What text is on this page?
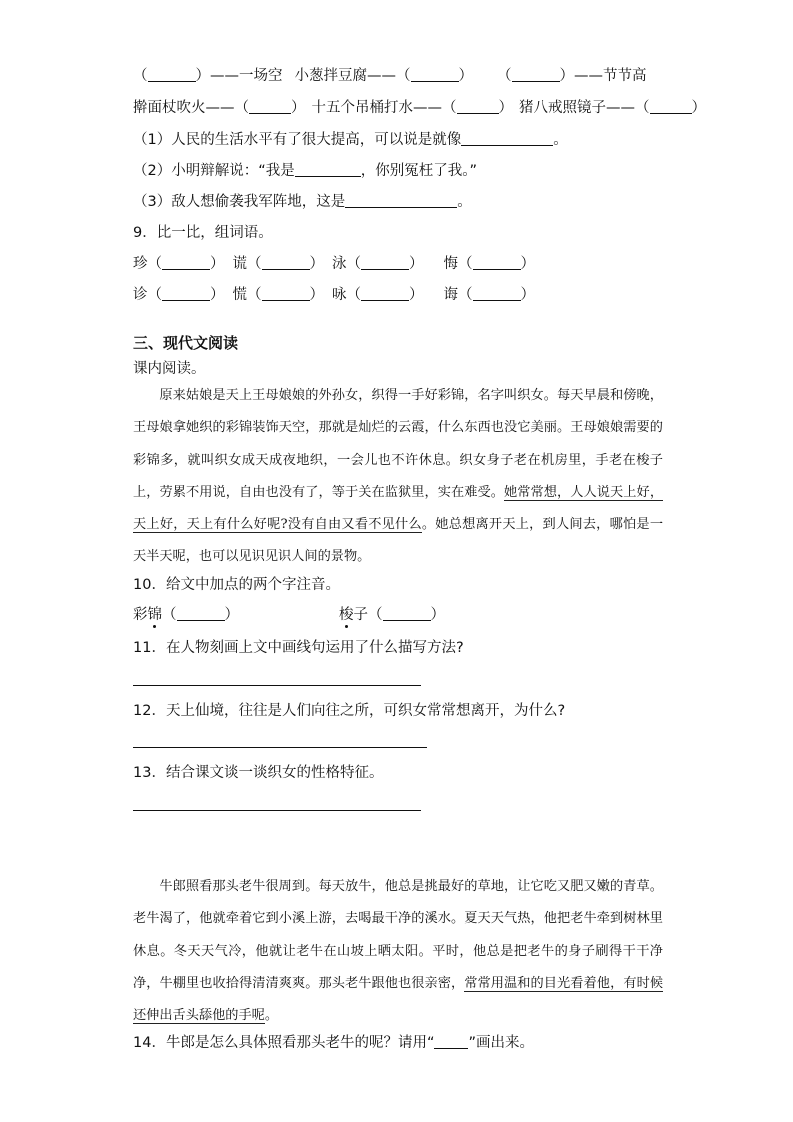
（	）——一场空 小葱拌豆腐——（	） （	）——节节高
擀面杖吹火——（	） 十五个吊桶打水——（	） 猪八戒照镜子——（	）
（1）人民的生活水平有了很大提高，可以说是就像	。
（2）小明辩解说：“我是	，你别冤枉了我。”
（3）敌人想偷袭我军阵地，这是	。
9．比一比，组词语。
珍（	） 谎（	） 泳（	） 悔（	）
诊（	） 慌（	） 咏（	） 诲（	）
三、现代文阅读
课内阅读。
原来姑娘是天上王母娘娘的外孙女，织得一手好彩锦，名字叫织女。每天早晨和傍晚，王母娘拿她织的彩锦装饰天空，那就是灿烂的云霞，什么东西也没它美丽。王母娘娘需要的彩锦多，就叫织女成天成夜地织，一会儿也不许休息。织女身子老在机房里，手老在梭子上，劳累不用说，自由也没有了，等于关在监狱里，实在难受。她常常想，人人说天上好，天上好，天上有什么好呢?没有自由又看不见什么。她总想离开天上，到人间去，哪怕是一天半天呢，也可以见识见识人间的景物。
10．给文中加点的两个字注音。
彩锦（	）	梭子（	）
11．在人物刻画上文中画线句运用了什么描写方法?
12．天上仙境，往往是人们向往之所，可织女常常想离开，为什么?
13．结合课文谈一谈织女的性格特征。
牛郎照看那头老牛很周到。每天放牛，他总是挑最好的草地，让它吃又肥又嫩的青草。老牛渴了，他就牵着它到小溪上游，去喝最干净的溪水。夏天天气热，他把老牛牵到树林里休息。冬天天气冷，他就让老牛在山坡上晒太阳。平时，他总是把老牛的身子刷得干干净净，牛棚里也收拾得清清爽爽。那头老牛跟他也很亲密，常常用温和的目光看着他，有时候还伸出舌头舔他的手呢。
14．牛郎是怎么具体照看那头老牛的呢？请用“ ”画出来。
